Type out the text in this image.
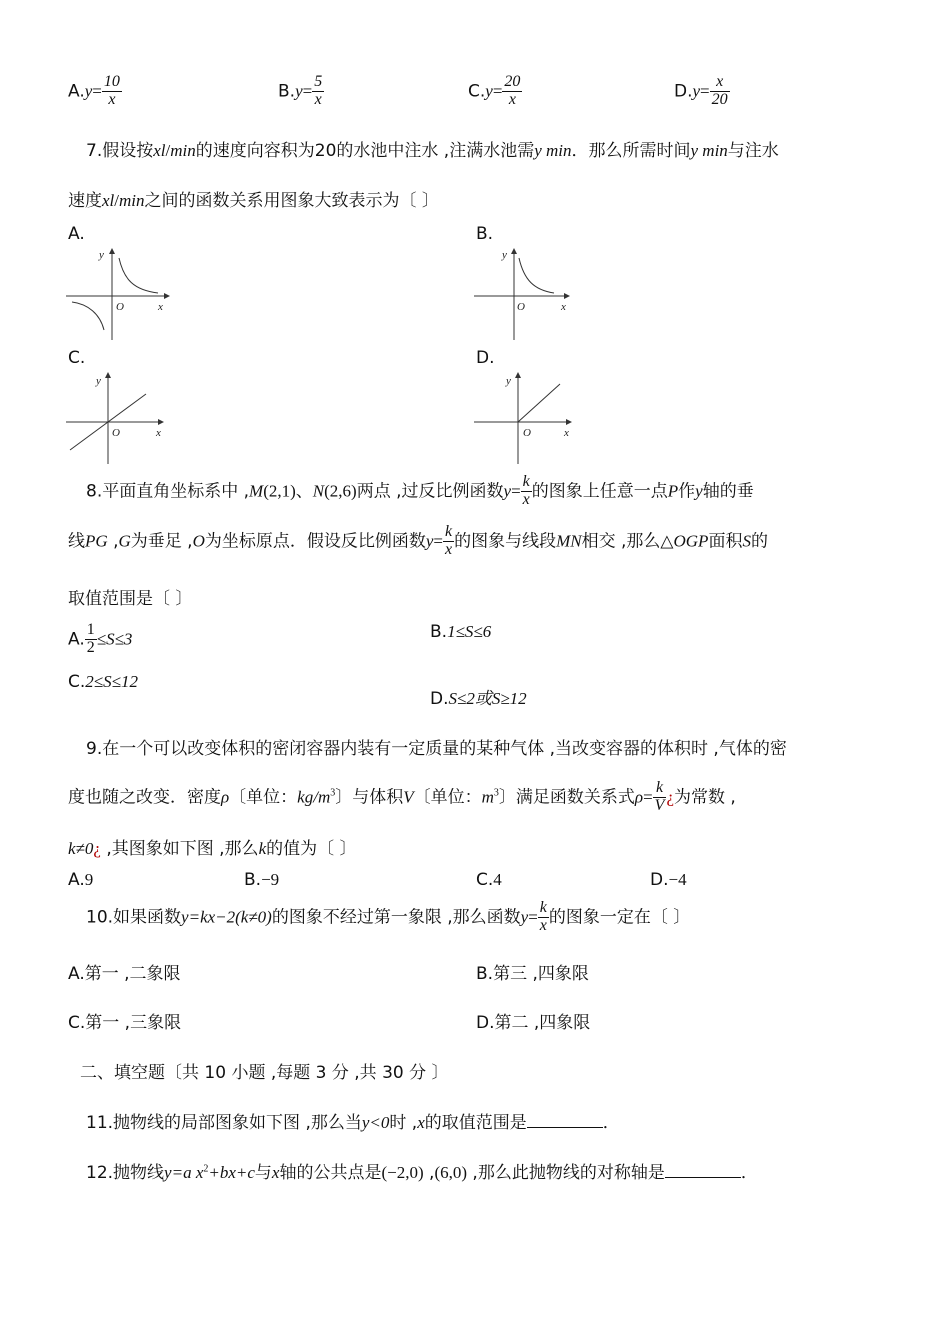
$A.y= \frac{10}{x}$	$B.y= \frac{5}{x}$	$C.y= \frac{20}{x}$	$D.y= \frac{x}{20}$
7.假设按xl/min的速度向容积为20的水池中注水 ,注满水池需y min．那么所需时间y min与注水
速度xl/min之间的函数关系用图象大致表示为〔 〕
A.	B.
C.	D.
y
x
O
y
x
O
y
x
O
y
x
O
8.平面直角坐标系中 ,M(2,1)、N(2,6)两点 ,过反比例函数$y= \frac{k}{x}$ 的图象上任意一点P作y轴的垂
线PG ,G为垂足 ,O为坐标原点．假设反比例函数$y= \frac{k}{x}$ 的图象与线段MN相交 ,那么△OGP面积S的
取值范围是〔 〕
A. $\frac{1}{2} \le S\le 3$	B.1≤S≤6
C.2≤S≤12
D.S≤2或S≥12
9.在一个可以改变体积的密闭容器内装有一定质量的某种气体 ,当改变容器的体积时 ,气体的密
度也随之改变．密度ρ〔单位：$kg/m^3$〕与体积V〔单位：$m^3$〕满足函数关系式$\rho= \frac{k}{V}$ ¿为常数 ,
k≠0¿ ,其图象如下图 ,那么k的值为〔 〕
A.9	B.−9	C.4	D.−4
10.如果函数y=kx−2(k≠0)的图象不经过第一象限 ,那么函数$y= \frac{k}{x}$ 的图象一定在〔 〕
A.第一 ,二象限	B.第三 ,四象限
C.第一 ,三象限	D.第二 ,四象限
二、填空题〔共 10 小题 ,每题 3 分 ,共 30 分 〕
11.抛物线的局部图象如下图 ,那么当y<0时 ,x的取值范围是	．
12.抛物线y=a $x^2+bx+c$与x轴的公共点是(−2,0) ,(6,0) ,那么此抛物线的对称轴是	．
